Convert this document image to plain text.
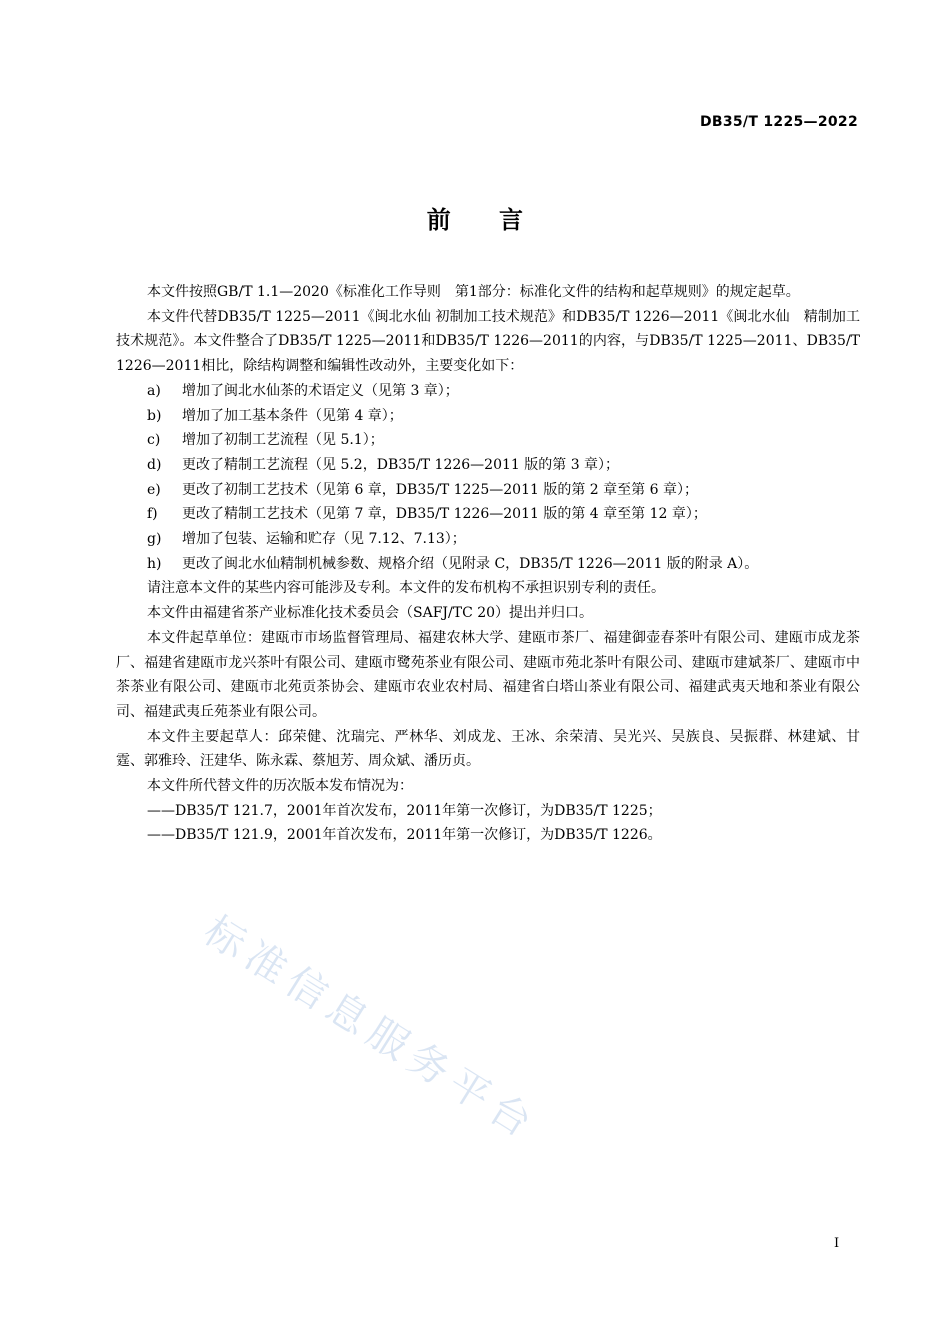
DB35/T 1225—2022
前 言

本文件按照GB/T 1.1—2020《标准化工作导则　第1部分：标准化文件的结构和起草规则》的规定起草。

本文件代替DB35/T 1225—2011《闽北水仙 初制加工技术规范》和DB35/T 1226—2011《闽北水仙　精制加工技术规范》。本文件整合了DB35/T 1225—2011和DB35/T 1226—2011的内容，与DB35/T 1225—2011、DB35/T 1226—2011相比，除结构调整和编辑性改动外，主要变化如下：

a) 增加了闽北水仙茶的术语定义（见第 3 章）；

b) 增加了加工基本条件（见第 4 章）；

c) 增加了初制工艺流程（见 5.1）；

d) 更改了精制工艺流程（见 5.2，DB35/T 1226—2011 版的第 3 章）；

e) 更改了初制工艺技术（见第 6 章，DB35/T 1225—2011 版的第 2 章至第 6 章）；

f) 更改了精制工艺技术（见第 7 章，DB35/T 1226—2011 版的第 4 章至第 12 章）；

g) 增加了包装、运输和贮存（见 7.12、7.13）；

h) 更改了闽北水仙精制机械参数、规格介绍（见附录 C，DB35/T 1226—2011 版的附录 A）。

请注意本文件的某些内容可能涉及专利。本文件的发布机构不承担识别专利的责任。

本文件由福建省茶产业标准化技术委员会（SAFJ/TC 20）提出并归口。

本文件起草单位：建瓯市市场监督管理局、福建农林大学、建瓯市茶厂、福建御壶春茶叶有限公司、建瓯市成龙茶厂、福建省建瓯市龙兴茶叶有限公司、建瓯市鹭苑茶业有限公司、建瓯市苑北茶叶有限公司、建瓯市建斌茶厂、建瓯市中茶茶业有限公司、建瓯市北苑贡茶协会、建瓯市农业农村局、福建省白塔山茶业有限公司、福建武夷天地和茶业有限公司、福建武夷丘苑茶业有限公司。

本文件主要起草人：邱荣健、沈瑞完、严林华、刘成龙、王冰、余荣清、吴光兴、吴族良、吴振群、林建斌、甘霆、郭雅玲、汪建华、陈永霖、蔡旭芳、周众斌、潘历贞。

本文件所代替文件的历次版本发布情况为：

——DB35/T 121.7，2001年首次发布，2011年第一次修订，为DB35/T 1225；

——DB35/T 121.9，2001年首次发布，2011年第一次修订，为DB35/T 1226。

标准信息服务平台
I
